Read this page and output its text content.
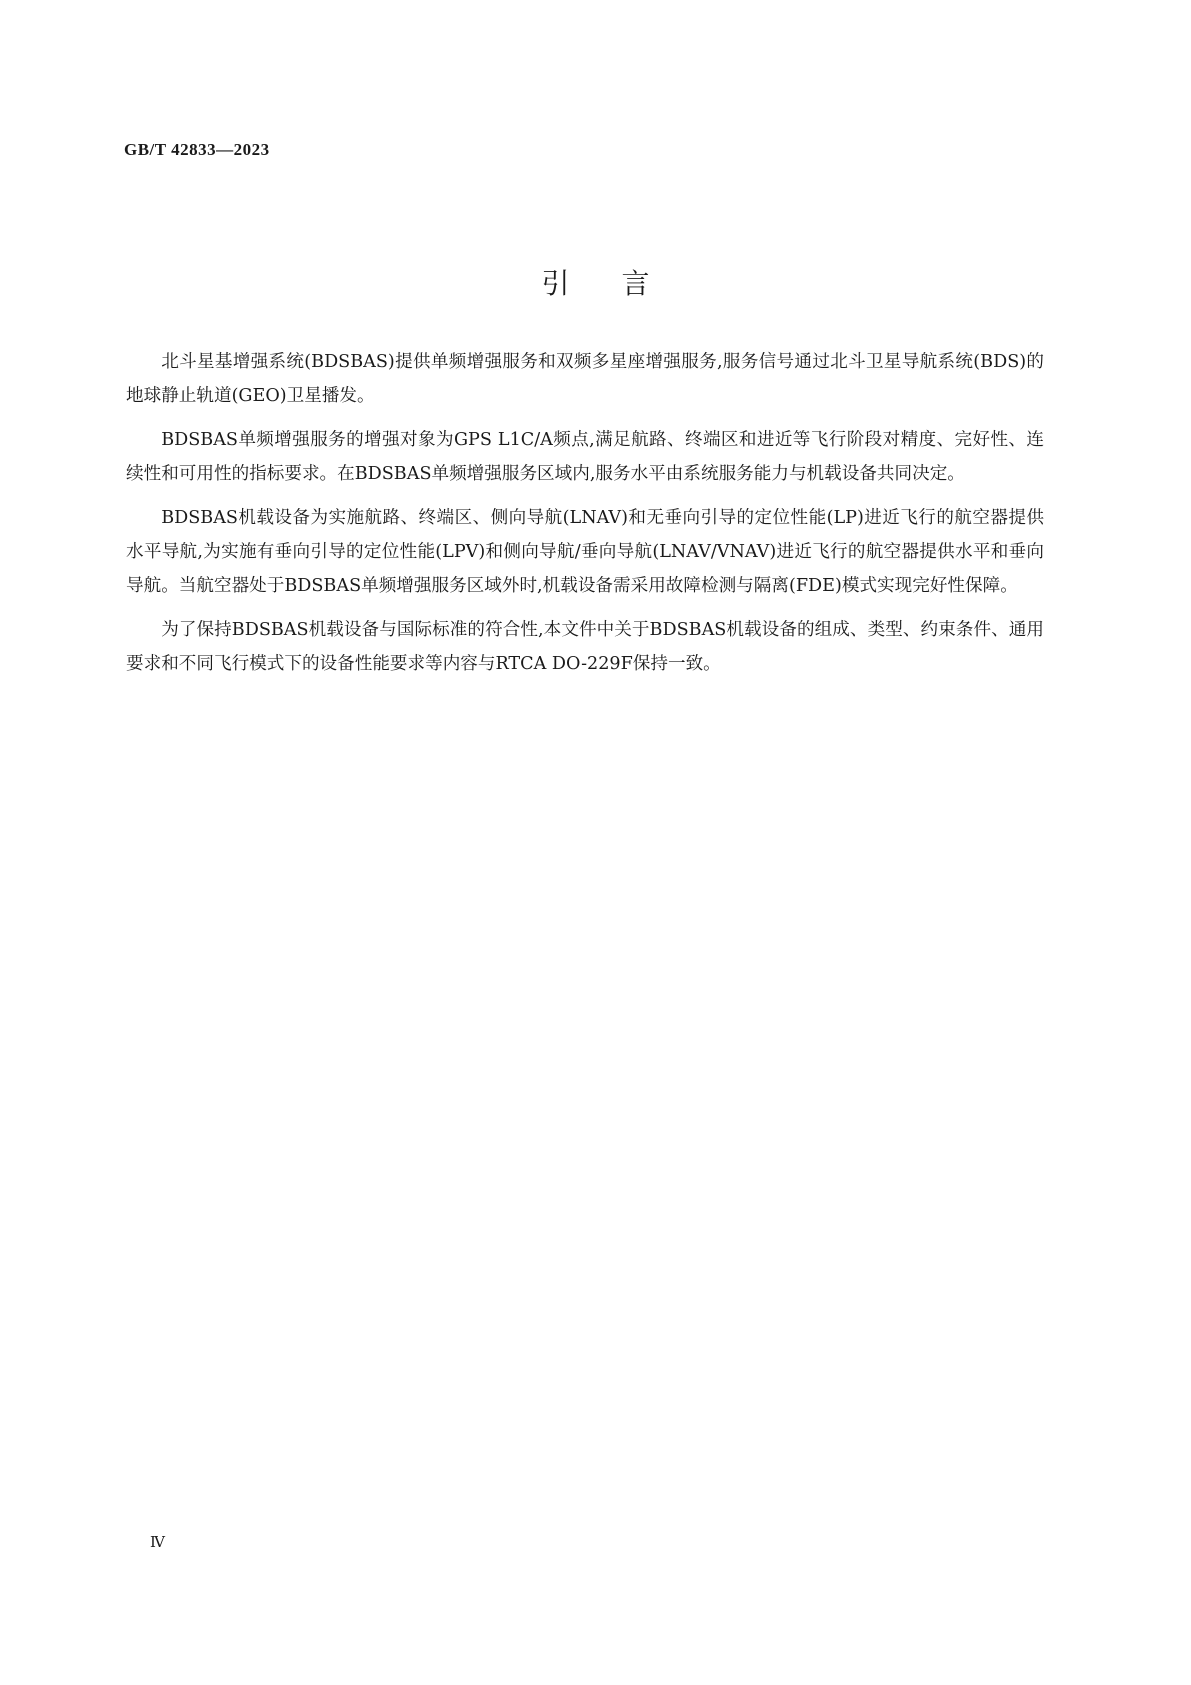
GB/T 42833—2023
引 言

北斗星基增强系统(BDSBAS)提供单频增强服务和双频多星座增强服务,服务信号通过北斗卫星导航系统(BDS)的地球静止轨道(GEO)卫星播发。

BDSBAS单频增强服务的增强对象为GPS L1C/A频点,满足航路、终端区和进近等飞行阶段对精度、完好性、连续性和可用性的指标要求。在BDSBAS单频增强服务区域内,服务水平由系统服务能力与机载设备共同决定。

BDSBAS机载设备为实施航路、终端区、侧向导航(LNAV)和无垂向引导的定位性能(LP)进近飞行的航空器提供水平导航,为实施有垂向引导的定位性能(LPV)和侧向导航/垂向导航(LNAV/VNAV)进近飞行的航空器提供水平和垂向导航。当航空器处于BDSBAS单频增强服务区域外时,机载设备需采用故障检测与隔离(FDE)模式实现完好性保障。

为了保持BDSBAS机载设备与国际标准的符合性,本文件中关于BDSBAS机载设备的组成、类型、约束条件、通用要求和不同飞行模式下的设备性能要求等内容与RTCA DO-229F保持一致。

Ⅳ
